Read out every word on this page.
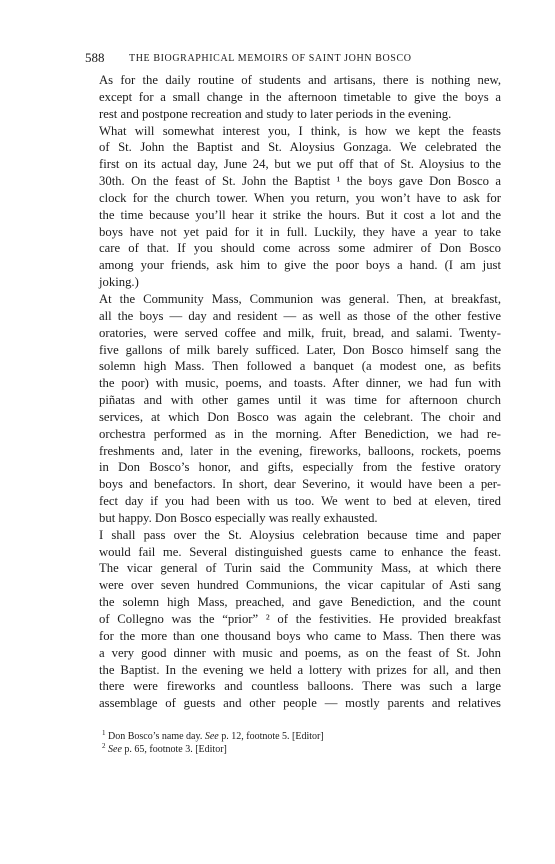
588 THE BIOGRAPHICAL MEMOIRS OF SAINT JOHN BOSCO

As for the daily routine of students and artisans, there is nothing new,
except for a small change in the afternoon timetable to give the boys a
rest and postpone recreation and study to later periods in the evening.

What will somewhat interest you, I think, is how we kept the feasts
of St. John the Baptist and St. Aloysius Gonzaga. We celebrated the
first on its actual day, June 24, but we put off that of St. Aloysius to the
30th. On the feast of St. John the Baptist ¹ the boys gave Don Bosco a
clock for the church tower. When you return, you won’t have to ask for
the time because you’ll hear it strike the hours. But it cost a lot and the
boys have not yet paid for it in full. Luckily, they have a year to take
care of that. If you should come across some admirer of Don Bosco
among your friends, ask him to give the poor boys a hand. (I am just
joking.)

At the Community Mass, Communion was general. Then, at breakfast,
all the boys — day and resident — as well as those of the other festive
oratories, were served coffee and milk, fruit, bread, and salami. Twenty-
five gallons of milk barely sufficed. Later, Don Bosco himself sang the
solemn high Mass. Then followed a banquet (a modest one, as befits
the poor) with music, poems, and toasts. After dinner, we had fun with
piñatas and with other games until it was time for afternoon church
services, at which Don Bosco was again the celebrant. The choir and
orchestra performed as in the morning. After Benediction, we had re-
freshments and, later in the evening, fireworks, balloons, rockets, poems
in Don Bosco’s honor, and gifts, especially from the festive oratory
boys and benefactors. In short, dear Severino, it would have been a per-
fect day if you had been with us too. We went to bed at eleven, tired
but happy. Don Bosco especially was really exhausted.

I shall pass over the St. Aloysius celebration because time and paper
would fail me. Several distinguished guests came to enhance the feast.
The vicar general of Turin said the Community Mass, at which there
were over seven hundred Communions, the vicar capitular of Asti sang
the solemn high Mass, preached, and gave Benediction, and the count
of Collegno was the “prior” ² of the festivities. He provided breakfast
for the more than one thousand boys who came to Mass. Then there was
a very good dinner with music and poems, as on the feast of St. John
the Baptist. In the evening we held a lottery with prizes for all, and then
there were fireworks and countless balloons. There was such a large
assemblage of guests and other people — mostly parents and relatives

$^1$ Don Bosco’s name day. See p. 12, footnote 5. [Editor]

$^2$ See p. 65, footnote 3. [Editor]
